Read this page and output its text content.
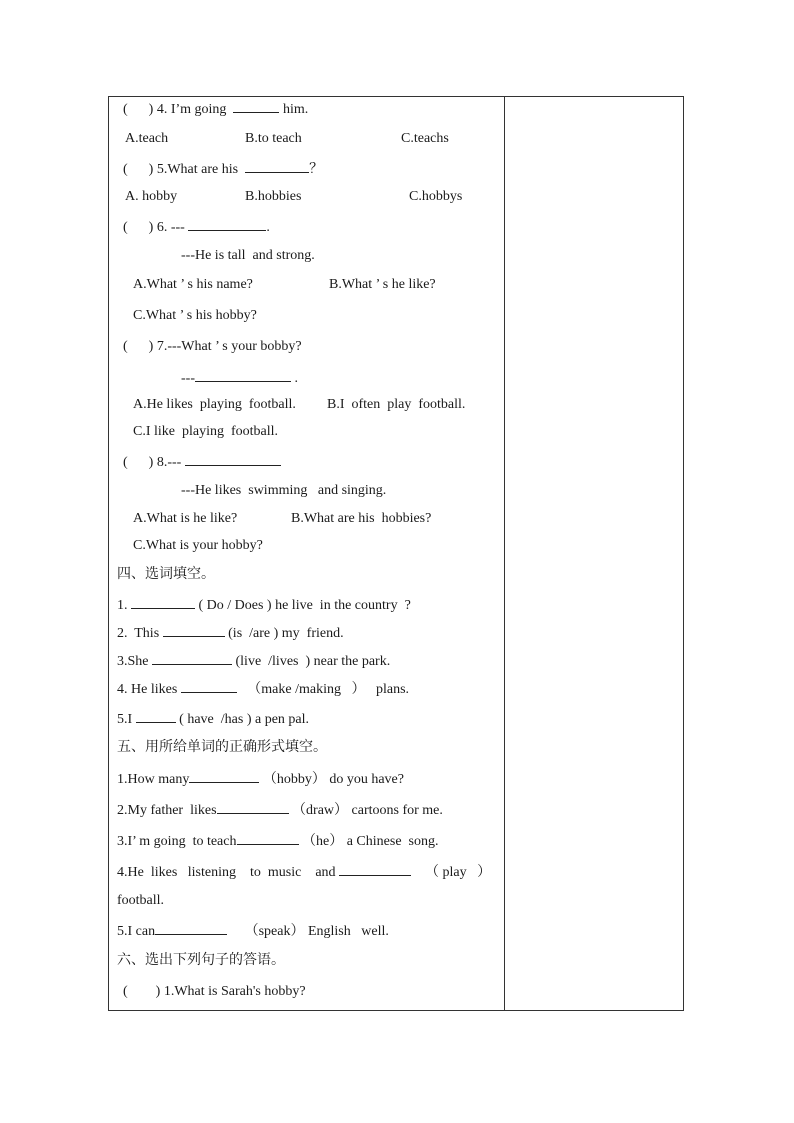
(      ) 4. I’m going	him.
A.teach	B.to teach	C.teachs
(      ) 5.What are his	？
A. hobby	B.hobbies	C.hobbys
(      ) 6. ---	.
---He is tall  and strong.
A.What ’ s his name?	B.What ’ s he like?
C.What ’ s his hobby?
(      ) 7.---What ’ s your bobby?
---	.
A.He likes  playing  football. B.I  often  play  football.
C.I like  playing  football.
(      ) 8.---
---He likes  swimming   and singing.
A.What is he like?	B.What are his  hobbies?
C.What is your hobby?
四、选词填空。
1.	( Do / Does ) he live  in the country  ?
2.  This	(is  /are ) my  friend.
3.She	(live  /lives  ) near the park.
4. He likes	（make /making   ）   plans.
5.I	( have  /has ) a pen pal.
五、用所给单词的正确形式填空。
1.How many	（hobby） do you have?
2.My father  likes	（draw） cartoons for me.
3.I’ m going  to teach	（he） a Chinese  song.
4.He  likes   listening    to  music    and	（ play   ）
football.
5.I can	（speak） English   well.
六、选出下列句子的答语。
(        ) 1.What is Sarah's hobby?
